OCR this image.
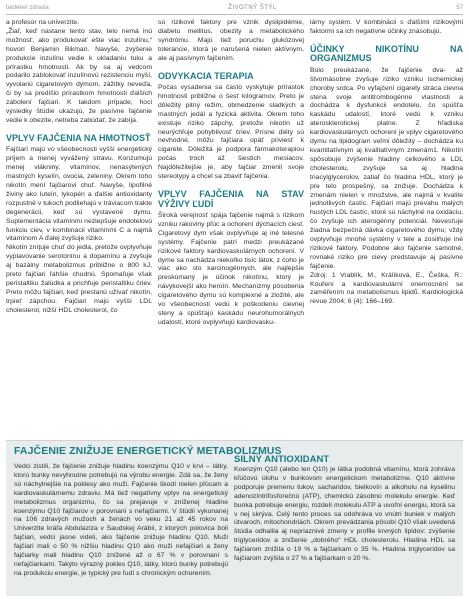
bedeker zdravia	ŽIVOTNÝ ŠTÝL	57

a profesor na univerzite.

„Žiaľ, keď nastane tento stav, telo nemá inú možnosť, ako produkovať ešte viac inzulínu,“ hovorí Benjamin Bikman. Navyše, zvýšenie produkcie inzulínu vedie k ukladaniu tuku a prírastku hmotnosti. Ak by sa aj vedcom podarilo zablokovať inzulínovú rezistenciu myší, vyvolanú cigaretovým dymom, zážitky neveďa, či by sa predišlo prírastkom hmotnosti ďalších zabolení fajčiari. K takdom prípade, hoci výsledky štúdie ukazujú, že pasívne fajčenie vedie k obezite, netreba zabúdať, že zabíja.

VPLYV FAJČENIA NA HMOTNOSŤ

Fajčiari majú vo všeobecnosti vyšší energetický príjem a menej vyvážený stravu. Konzumujú menej vlákniny, vitamínov, nenasýtených mastných kyselín, ovocia, zeleniny. Okrem toho nikotín mení fajčiarovi chuť. Navyše, lipofilné živiny ako luteín, lykopén a ďalšie antioxidanty rozpustné v tukoch podliehajú v tráviacom trakte degenerácii, keď sú vystavené dymu. Suplementácia vitamínmi nezlepšuje endotelovú funkciu ciev, v kombinácii vitamínmi C a najmä vitamínom A ďalej zvyšuje riziko.

Nikotín zníţuje chuť do jedla, pretože ovplyvňuje vyplavovanie serotonínu a dopamínu a zvyšuje aj bazálny metabolizmus približne o 800 kJ, preto fajčiari ľahšie chudnú. Spomaľuje však peristaltiku žalúdka a prichfuje peristaltiku čriev. Preto môžu fajčiari, keď prestanú užívať nikotín, trpieť zápchou. Fajčiari majú vyšší LDL cholesterol, nižší HDL cholesterol, čo

sú rizikové faktory pre vznik dyslipidémie, diabetu mellitus, obezity a metabolického syndrómu. Majú tiež poruchu glukózovej tolerancie, ktorá je narušená nielen aktívnym, ale aj pasívnym fajčením.

ODVYKACIA TERAPIA

Počas vysadenia sa často vyskytuje prírastok hmotnosti približne o šesť kilogramov. Preto je dôležitý pitný režim, obmedzenie sladkých a mastných jedál a fyzická aktivita. Okrem toho existuje riziko zápchy, pretože nikotín už neurýchľuje pohyblivosť čriev. Prísne diéty sú nevhodné, môžu fajčiara opäť priviesť k cigarete. Dôležitá je podpora farmakoterapiou počas troch až šiestich mesiacov. Najdôležitejšie je, aby fajčiar zmenil svoje stereotypy a chcel sa zbaviť fajčenia.

VPLYV FAJČENIA NA STAV VÝŽIVY ĽUDÍ

Široká verejnosť spája fajčenie najmä s rizikom vzniku rakoviny pľúc a ochorení dýchacích ciest. Cigaretový dym však ovplyvňuje aj iné telesné systémy. Fajčenie patrí medzi preukázané rizikové faktory kardiovaskulárnych ochorení. V dyme sa nachádza niekoľko tisíc látok, z čoho je viac ako sto karcinogénnych, ale najlepšie preskúmaný je účinok nikotínu, ktorý je návykovejší ako heroín. Mechanizmy pôsobenia cigaretového dymu sú komplexné a zložité, ale vo všeobecnosti vedú k poškodeniu cievnej steny a spúšťajú kaskádu neurohumorálnych udalostí, ktoré ovplyvňujú kardiovasku-

lárny systém. V kombinácii s ďalšími rizikovými faktormi sa ich negatívne účinky znásobujú.

ÚČINKY NIKOTÍNU NA ORGANIZMUS

Bolo preukázané, že fajčenie dva- až štvornásobne zvyšuje riziko vzniku ischemickej choroby srdca. Po vyfajčení cigarety stráca cievna stena svoje antitrombogénne vlastnosti a dochádza k dysfunkcii endotelu, čo spúšťa kaskádu udalostí, ktoré vedú k vzniku aterosklerotickej platne. Z hľadiska kardiovaskulárnych ochorení je vplyv cigaretového dymu na lipidogram veľmi dôležitý – dochádza ku kvantitatívnym aj kvalitatívnym zmenám1. Nikotín spôsobuje zvýšenie hladiny celkového a LDL cholesterolu, zvyšuje sa aj hladina triacylglycerolov, zatiaľ čo hladina HDL, ktorý je pre telo prospešný, sa znižuje. Dochádza k zmenám nielen v množstve, ale najmä v kvalite jednotlivých častíc. Fajčiari majú prevahu malých hustých LDL častíc, ktoré sú náchylné na oxidáciu, čo zvyšuje ich aterogénny potenciál. Nevesťuje žiadna bezpečná dávka cigaretového dymu; vždy ovplyvňuje mnohé systémy v tele a zosilňuje iné rizikové faktory. Podobne ako fajčenie samotné, rovnaké riziko pre cievy predstavuje aj pasívne fajčenie.

Zdroj: 1 Vrablík, M., Králíková, E., Češka, R.: Kouření a kardiovaskulární onemocnění se zaměřením na metabolismus lipidů. Kardiologická revue 2004; 6 (4): 166–169.

FAJČENIE ZNIŽUJE ENERGETICKÝ METABOLIZMUS
Vedci zistili, že fajčenie znižuje hladinu koenzýmu Q10 v krvi – látky, ktorú bunky nevyhnutne potrebujú na výrobu energie. Zdá sa, že ženy sú náchylnejšie na poklesy ako muži. Fajčenie škodí nielen pľúcam a kardiovaskulárnemu zdraviu. Má tiež negatívny vplyv na energetický metabolizmus organizmu, čo sa prejavuje v zníženej hladine koenzýmu Q10 fajčiarov v porovnaní s nefajčiarmi. V štúdii vykonanej na 106 zdravých mužoch a ženách vo veku 21 až 45 rokov na Univerzite kráľa Abdulaziza v Saudskej Arábii, z ktorých polovica boli fajčiari, vedci jasne videli, ako fajčenie znižuje hladinu Q10. Muži fajčiari mali o 50 % nižšiu hladinu Q10 ako muži nefajčiari a ženy fajčiarky mali hladinu Q10 znížené až o 67 % v porovnaní s nefajčiarkami. Takýto výrazný pokles Q10, látky, ktorú bunky potrebujú na produkciu energie, je typický pre ľudí s chronickým ochorením.
SILNÝ ANTIOXIDANT
Koenzým Q10 (alebo len Q10) je látka podobná vitamínu, ktorá zohráva kľúčovú úlohu v bunkovom energetickom metabolizme. Q10 aktívne podporuje premenu tukov, sacharidov, bielkovín a alkoholu na kyselinu adenozíntrifosforečnú (ATP), chemickú zásobnú molekulu energie. Keď bunka potrebuje energiu, rozdelí molekulu ATP a uvoľní energiu, ktorá sa v nej skrýva. Celý tento proces sa odohráva vo vnútri buniek v malých útvaroch, mitochondriách. Okrem prevádzania pôsobí Q10 však uvedená štúdia odhalila aj nepriaznivé zmeny v profile krvných lipidov: zvýšenie triglyceridov a zníženie „dobrého“ HDL cholesterolu. Hladina HDL sa fajčiarom znížila o 19 % a fajčiarkam o 35 %. Hladina triglyceridov sa fajčiarom zvýšila o 27 % a fajčiarkam o 20 %.
